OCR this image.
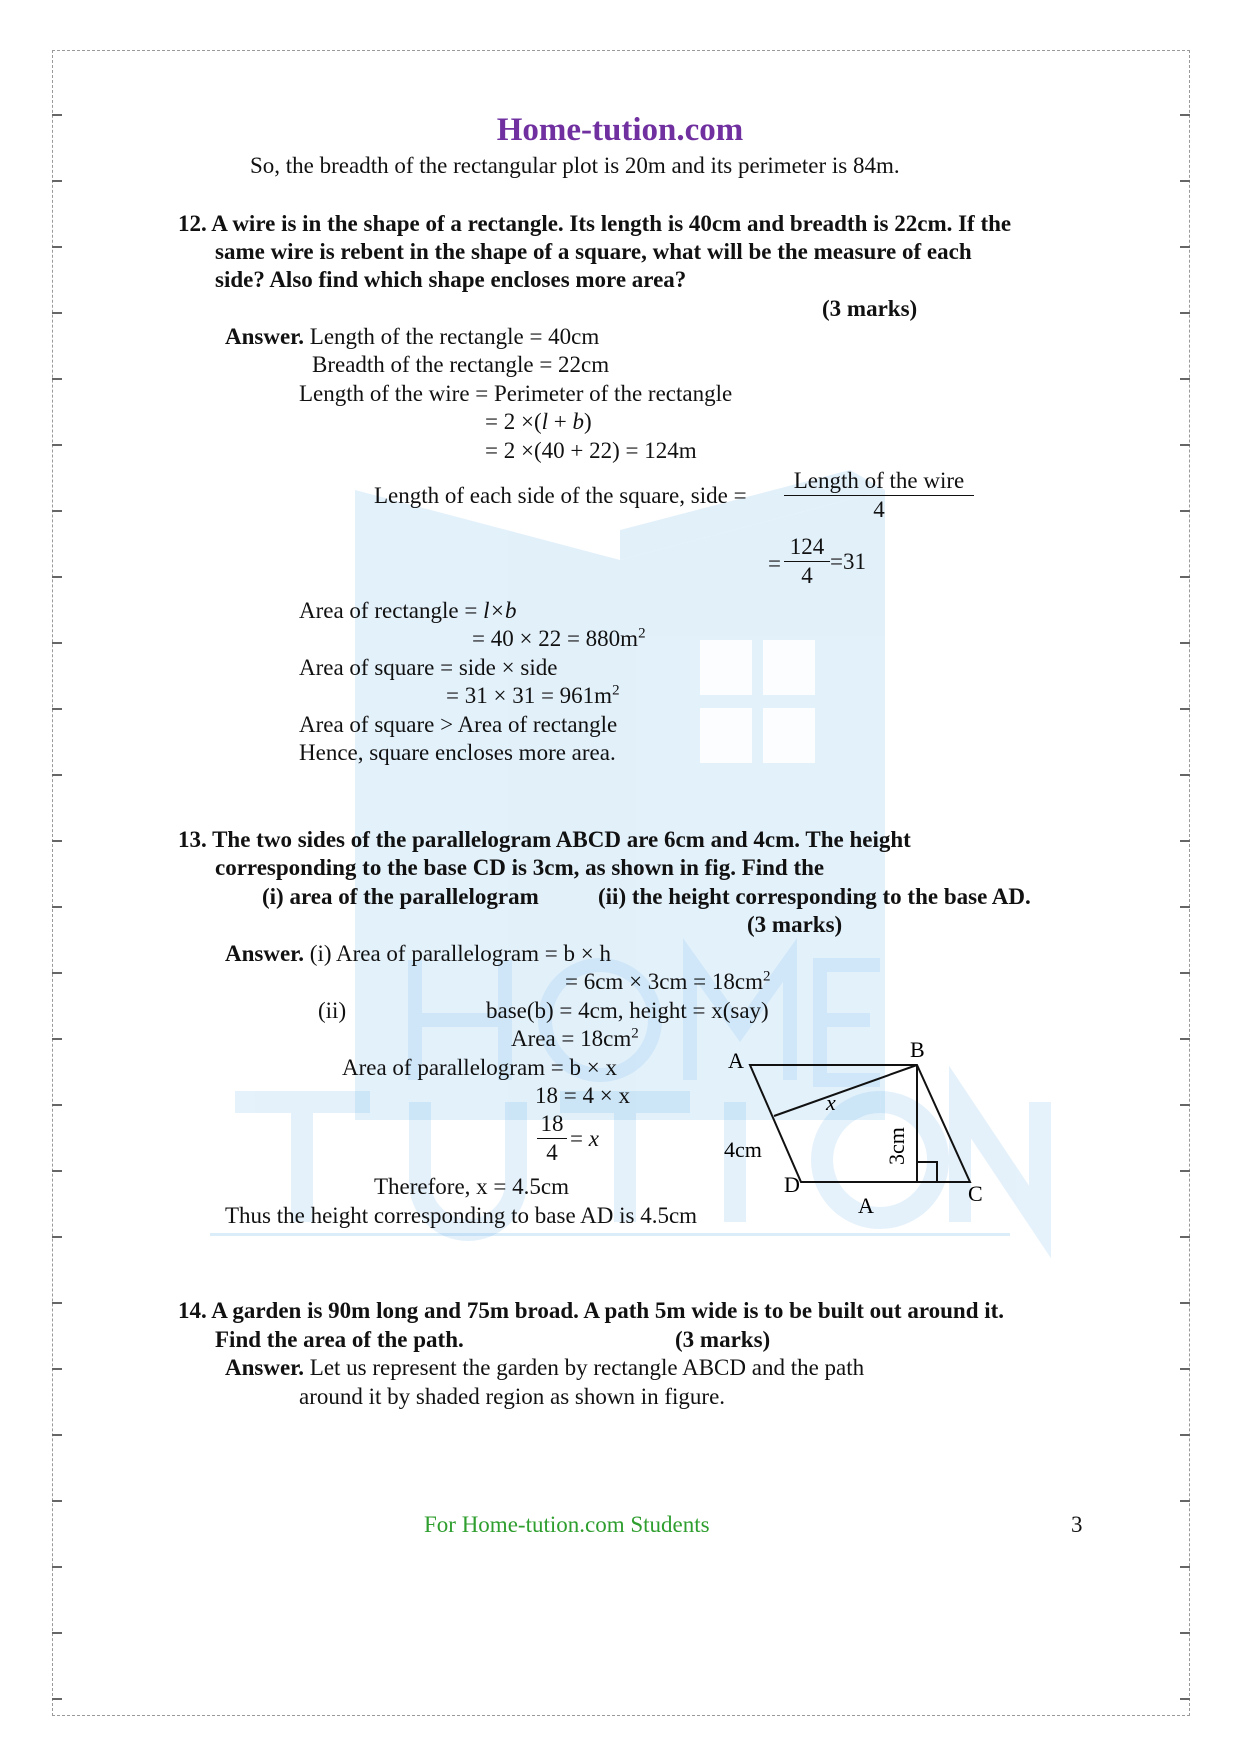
Home-tution.com
So, the breadth of the rectangular plot is 20m and its perimeter is 84m.
12. A wire is in the shape of a rectangle. Its length is 40cm and breadth is 22cm. If the
same wire is rebent in the shape of a square, what will be the measure of each
side? Also find which shape encloses more area?
(3 marks)
Answer. Length of the rectangle = 40cm
Breadth of the rectangle = 22cm
Length of the wire = Perimeter of the rectangle
= 2 ×(l + b)
= 2 ×(40 + 22) = 124m
Length of each side of the square, side =
Length of the wire
4
= $\frac{124}{4} =31$
Area of rectangle = l×b
= $40 \times 22 = 880m^2$
Area of square = side × side
= $31 \times 31 = 961m^2$
Area of square > Area of rectangle
Hence, square encloses more area.
13. The two sides of the parallelogram ABCD are 6cm and 4cm. The height
corresponding to the base CD is 3cm, as shown in fig. Find the
(i) area of the parallelogram	(ii) the height corresponding to the base AD.
(3 marks)
Answer. (i) Area of parallelogram = b × h
= $6cm \times 3cm = 18cm^2$
(ii)	base(b) = 4cm, height = x(say)
Area = $18cm^2$
Area of parallelogram = b × x
18 = 4 × x
$\frac{18}{4} = x$
Therefore, x = 4.5cm
Thus the height corresponding to base AD is 4.5cm
A	B
C
D
A
x
4cm	3cm
14. A garden is 90m long and 75m broad. A path 5m wide is to be built out around it.
Find the area of the path.	(3 marks)
Answer. Let us represent the garden by rectangle ABCD and the path
around it by shaded region as shown in figure.
For Home-tution.com Students	3
